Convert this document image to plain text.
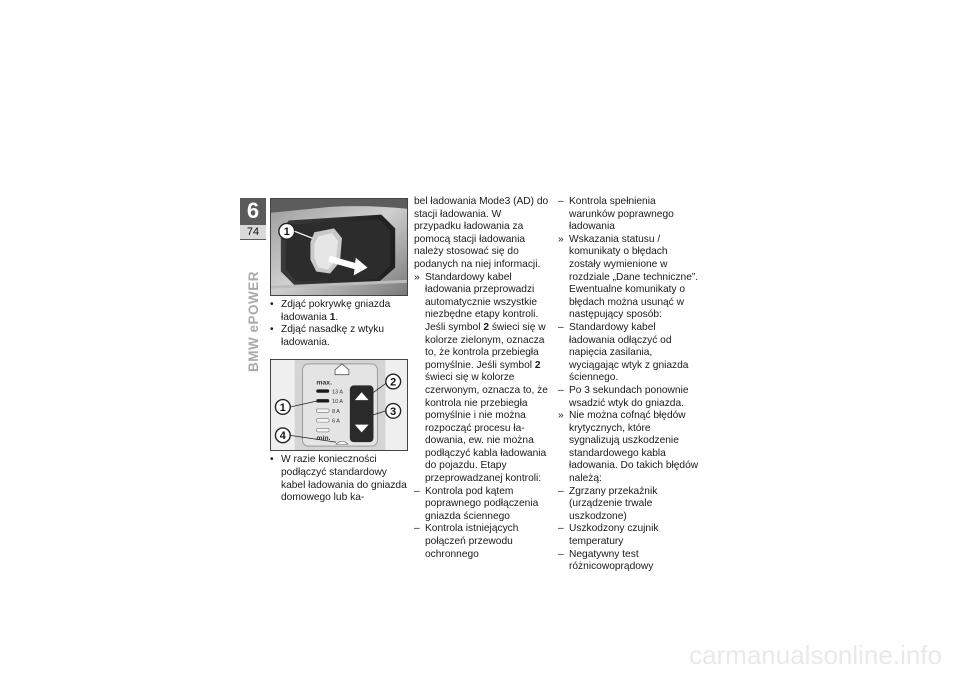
6
74
BMW ePOWER
1

• Zdjąć pokrywkę gniazda ładowania 1.

• Zdjąć nasadkę z wtyku ładowania.

max.
13 A
10 A
8 A
6 A
min.
1
2
3
4

• W razie konieczności podłączyć standardowy kabel ładowania do gniazda domowego lub ka-

bel ładowania Mode3 (AD) do stacji ładowania. W przypadku ładowania za pomocą stacji ładowania należy stosować się do podanych na niej informacji.

» Standardowy kabel ładowania przeprowadzi automatycznie wszystkie niezbędne etapy kontroli. Jeśli symbol 2 świeci się w kolorze zielonym, oznacza to, że kontrola przebiegła pomyślnie. Jeśli symbol 2 świeci się w kolorze czerwonym, oznacza to, że kontrola nie przebiegła pomyślnie i nie można rozpocząć procesu ładowania, ew. nie można podłączyć kabla ładowania do pojazdu. Etapy przeprowadzanej kontroli:

– Kontrola pod kątem poprawnego podłączenia gniazda ściennego

– Kontrola istniejących połączeń przewodu ochronnego

– Kontrola spełnienia warunków poprawnego ładowania

» Wskazania statusu / komunikaty o błędach zostały wymienione w rozdziale „Dane techniczne”. Ewentualne komunikaty o błędach można usunąć w następujący sposób:

– Standardowy kabel ładowania odłączyć od napięcia zasilania, wyciągając wtyk z gniazda ściennego.

– Po 3 sekundach ponownie wsadzić wtyk do gniazda.

» Nie można cofnąć błędów krytycznych, które sygnalizują uszkodzenie standardowego kabla ładowania. Do takich błędów należą:

– Zgrzany przekaźnik (urządzenie trwale uszkodzone)

– Uszkodzony czujnik temperatury

– Negatywny test różnicowoprądowy

carmanualsonline.info
